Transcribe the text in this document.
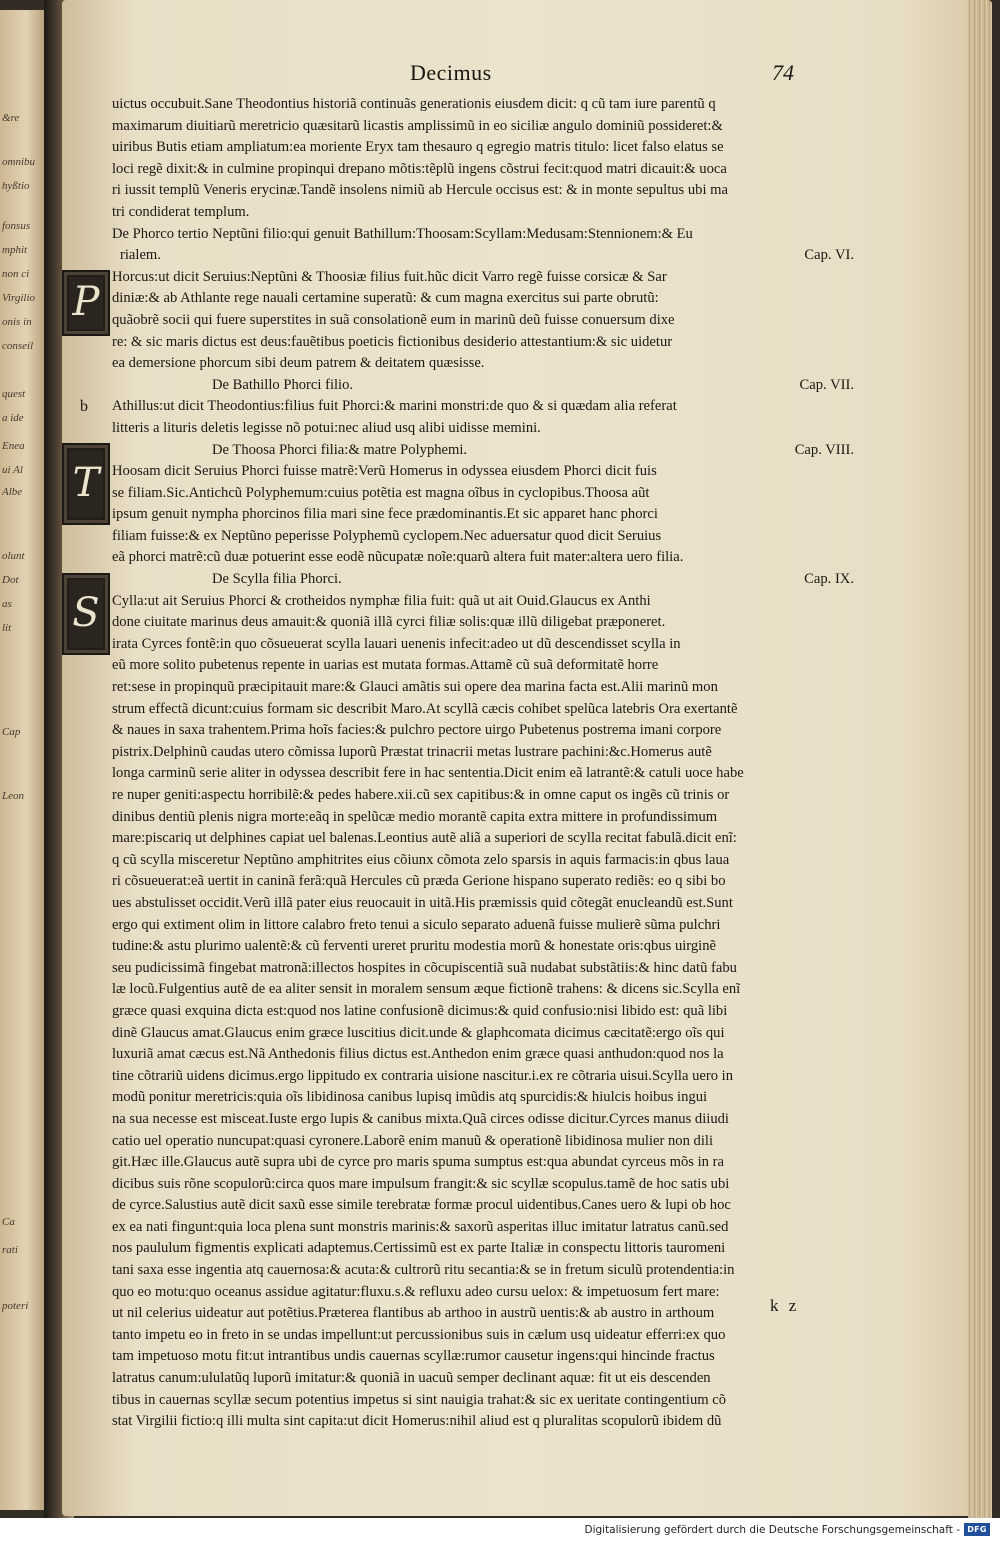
&re
omnibu
hyßtio
fonsus
mphit
non ci
Virgilio
onis in
conseil
quest
a ide
Enea
ui Al
Albe
olunt
Dot
as
lit
Cap
Leon
Ca
rati
poteri
Decimus	74
uictus occubuit.Sane Theodontius historiã continuãs generationis eiusdem dicit: q cũ tam iure parentũ q
maximarum diuitiarũ meretricio quæsitarũ licastis amplissimũ in eo siciliæ angulo dominiũ possideret:&
uiribus Butis etiam ampliatum:ea moriente Eryx tam thesauro q egregio matris titulo: licet falso elatus se
loci regẽ dixit:& in culmine propinqui drepano mõtis:tẽplũ ingens cõstrui fecit:quod matri dicauit:& uoca
ri iussit templũ Veneris erycinæ.Tandẽ insolens nimiũ ab Hercule occisus est: & in monte sepultus ubi ma
tri condiderat templum.
De Phorco tertio Neptũni filio:qui genuit Bathillum:Thoosam:Scyllam:Medusam:Stennionem:& Eu
rialem.	Cap. VI.
P
Horcus:ut dicit Seruius:Neptũni & Thoosiæ filius fuit.hũc dicit Varro regẽ fuisse corsicæ & Sar
diniæ:& ab Athlante rege nauali certamine superatũ: & cum magna exercitus sui parte obrutũ:
quãobrẽ socii qui fuere superstites in suã consolationẽ eum in marinũ deũ fuisse conuersum dixe
re: & sic maris dictus est deus:fauẽtibus poeticis fictionibus desiderio attestantium:& sic uidetur
ea demersione phorcum sibi deum patrem & deitatem quæsisse.
De Bathillo Phorci filio.	Cap. VII.
b Athillus:ut dicit Theodontius:filius fuit Phorci:& marini monstri:de quo & si quædam alia referat
litteris a lituris deletis legisse nõ potui:nec aliud usq alibi uidisse memini.
De Thoosa Phorci filia:& matre Polyphemi.	Cap. VIII.
T Hoosam dicit Seruius Phorci fuisse matrẽ:Verũ Homerus in odyssea eiusdem Phorci dicit fuis
se filiam.Sic.Antichcũ Polyphemum:cuius potẽtia est magna oĩbus in cyclopibus.Thoosa aũt
ipsum genuit nympha phorcinos filia mari sine fece prædominantis.Et sic apparet hanc phorci
filiam fuisse:& ex Neptũno peperisse Polyphemũ cyclopem.Nec aduersatur quod dicit Seruius
eã phorci matrẽ:cũ duæ potuerint esse eodẽ nũcupatæ noĩe:quarũ altera fuit mater:altera uero filia.
De Scylla filia Phorci.	Cap. IX.
S Cylla:ut ait Seruius Phorci & crotheidos nymphæ filia fuit: quã ut ait Ouid.Glaucus ex Anthi
done ciuitate marinus deus amauit:& quoniã illã cyrci filiæ solis:quæ illũ diligebat præponeret.
irata Cyrces fontẽ:in quo cõsueuerat scylla lauari uenenis infecit:adeo ut dũ descendisset scylla in
eũ more solito pubetenus repente in uarias est mutata formas.Attamẽ cũ suã deformitatẽ horre
ret:sese in propinquũ præcipitauit mare:& Glauci amãtis sui opere dea marina facta est.Alii marinũ mon
strum effectã dicunt:cuius formam sic describit Maro.At scyllã cæcis cohibet spelũca latebris Ora exertantẽ
& naues in saxa trahentem.Prima hoĩs facies:& pulchro pectore uirgo Pubetenus postrema imani corpore
pistrix.Delphinũ caudas utero cõmissa luporũ Præstat trinacrii metas lustrare pachini:&c.Homerus autẽ
longa carminũ serie aliter in odyssea describit fere in hac sententia.Dicit enim eã latrantẽ:& catuli uoce habe
re nuper geniti:aspectu horribilẽ:& pedes habere.xii.cũ sex capitibus:& in omne caput os ingẽs cũ trinis or
dinibus dentiũ plenis nigra morte:eãq in spelũcæ medio morantẽ capita extra mittere in profundissimum
mare:piscariq ut delphines capiat uel balenas.Leontius autẽ aliã a superiori de scylla recitat fabulã.dicit enĩ:
q cũ scylla misceretur Neptũno amphitrites eius cõiunx cõmota zelo sparsis in aquis farmacis:in qbus laua
ri cõsueuerat:eã uertit in caninã ferã:quã Hercules cũ præda Gerione hispano superato rediẽs: eo q sibi bo
ues abstulisset occidit.Verũ illã pater eius reuocauit in uitã.His præmissis quid cõtegãt enucleandũ est.Sunt
ergo qui extiment olim in littore calabro freto tenui a siculo separato aduenã fuisse mulierẽ sũma pulchri
tudine:& astu plurimo ualentẽ:& cũ ferventi ureret pruritu modestia morũ & honestate oris:qbus uirginẽ
seu pudicissimã fingebat matronã:illectos hospites in cõcupiscentiã suã nudabat substãtiis:& hinc datũ fabu
læ locũ.Fulgentius autẽ de ea aliter sensit in moralem sensum æque fictionẽ trahens: & dicens sic.Scylla enĩ
græce quasi exquina dicta est:quod nos latine confusionẽ dicimus:& quid confusio:nisi libido est: quã libi
dinẽ Glaucus amat.Glaucus enim græce luscitius dicit.unde & glaphcomata dicimus cæcitatẽ:ergo oĩs qui
luxuriã amat cæcus est.Nã Anthedonis filius dictus est.Anthedon enim græce quasi anthudon:quod nos la
tine cõtrariũ uidens dicimus.ergo lippitudo ex contraria uisione nascitur.i.ex re cõtraria uisui.Scylla uero in
modũ ponitur meretricis:quia oĩs libidinosa canibus lupisq imũdis atq spurcidis:& hiulcis hoibus ingui
na sua necesse est misceat.Iuste ergo lupis & canibus mixta.Quã circes odisse dicitur.Cyrces manus diiudi
catio uel operatio nuncupat:quasi cyronere.Laborẽ enim manuũ & operationẽ libidinosa mulier non dili
git.Hæc ille.Glaucus autẽ supra ubi de cyrce pro maris spuma sumptus est:qua abundat cyrceus mõs in ra
dicibus suis rõne scopulorũ:circa quos mare impulsum frangit:& sic scyllæ scopulus.tamẽ de hoc satis ubi
de cyrce.Salustius autẽ dicit saxũ esse simile terebratæ formæ procul uidentibus.Canes uero & lupi ob hoc
ex ea nati fingunt:quia loca plena sunt monstris marinis:& saxorũ asperitas illuc imitatur latratus canũ.sed
nos paululum figmentis explicati adaptemus.Certissimũ est ex parte Italiæ in conspectu littoris tauromeni
tani saxa esse ingentia atq cauernosa:& acuta:& cultrorũ ritu secantia:& se in fretum siculũ protendentia:in
quo eo motu:quo oceanus assidue agitatur:fluxu.s.& refluxu adeo cursu uelox: & impetuosum fert mare:
ut nil celerius uideatur aut potẽtius.Præterea flantibus ab arthoo in austrũ uentis:& ab austro in arthoum
tanto impetu eo in freto in se undas impellunt:ut percussionibus suis in cælum usq uideatur efferri:ex quo
tam impetuoso motu fit:ut intrantibus undis cauernas scyllæ:rumor causetur ingens:qui hincinde fractus
latratus canum:ululatũq luporũ imitatur:& quoniã in uacuũ semper declinant aquæ: fit ut eis descenden
tibus in cauernas scyllæ secum potentius impetus si sint nauigia trahat:& sic ex ueritate contingentium cõ
stat Virgilii fictio:q illi multa sint capita:ut dicit Homerus:nihil aliud est q pluralitas scopulorũ ibidem dũ
k z
Digitalisierung gefördert durch die Deutsche Forschungsgemeinschaft - DFG
